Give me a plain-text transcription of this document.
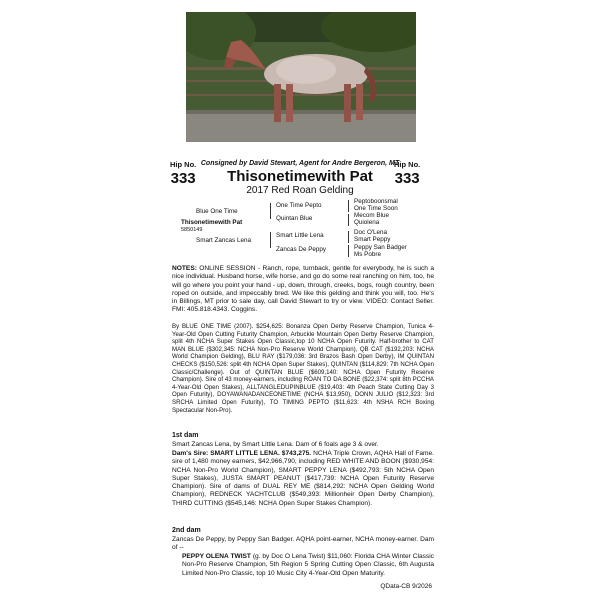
Hip No.
333
Hip No.
333
Consigned by David Stewart, Agent for Andre Bergeron, MT
Thisonetimewith Pat
2017 Red Roan Gelding
Blue One Time
Thisonetimewith Pat
5850149
Smart Zancas Lena
One Time Pepto
Quintan Blue
Smart Little Lena
Zancas De Peppy
Peptoboonsmal
One Time Soon
Mecom Blue
Quiolena
Doc O'Lena
Smart Peppy
Peppy San Badger
Ms Pobre
NOTES: ONLINE SESSION - Ranch, rope, turnback, gentle for everybody, he is such a nice individual. Husband horse, wife horse, and go do some real ranching on him, too, he will go where you point your hand - up, down, through, creeks, bogs, rough country, been roped on outside, and impeccably bred. We like this gelding and think you will, too. He's in Billings, MT prior to sale day, call David Stewart to try or view. VIDEO: Contact Seller. FMI: 405.818.4343. Coggins.
By BLUE ONE TIME (2007). $254,625: Bonanza Open Derby Reserve Champion, Tunica 4-Year-Old Open Cutting Futurity Champion, Arbuckle Mountain Open Derby Reserve Champion, split 4th NCHA Super Stakes Open Classic,top 10 NCHA Open Futurity. Half-brother to CAT MAN BLUE ($302,345: NCHA Non-Pro Reserve World Champion), QB CAT ($192,203: NCHA World Champion Gelding), BLU RAY ($179,036: 3rd Brazos Bash Open Derby), IM QUINTAN CHECKS ($150,526: split 4th NCHA Open Super Stakes), QUINTAN ($114,829: 7th NCHA Open Classic/Challenge). Out of QUINTAN BLUE ($609,140: NCHA Open Futurity Reserve Champion). Sire of 43 money-earners, including ROAN TO DA BONE ($22,374: split 8th PCCHA 4-Year-Old Open Stakes), ALLTANGLEDUPINBLUE ($19,403: 4th Peach State Cutting Day 3 Open Futurity), DOYAWANADANCEONETIME (NCHA $13,950), DONN JULIO ($12,323: 3rd SRCHA Limited Open Futurity), TO TIMING PEPTO ($11,623: 4th NSHA RCH Boxing Spectacular Non-Pro).
1st dam
Smart Zancas Lena, by Smart Little Lena. Dam of 6 foals age 3 & over.
Dam's Sire: SMART LITTLE LENA. $743,275. NCHA Triple Crown, AQHA Hall of Fame. sire of 1,480 money earners, $42,966,790, including RED WHITE AND BOON ($930,954: NCHA Non-Pro World Champion), SMART PEPPY LENA ($492,793: 5th NCHA Open Super Stakes), JUSTA SMART PEANUT ($417,739: NCHA Open Futurity Reserve Champion). Sire of dams of DUAL REY ME ($814,292: NCHA Open Gelding World Champion), REDNECK YACHTCLUB ($549,393: Millionheir Open Derby Champion), THIRD CUTTING ($545,146: NCHA Open Super Stakes Champion).
2nd dam
Zancas De Peppy, by Peppy San Badger. AQHA point-earner, NCHA money-earner. Dam of --
PEPPY OLENA TWIST (g. by Doc O Lena Twist) $11,060: Florida CHA Winter Classic Non-Pro Reserve Champion, 5th Region 5 Spring Cutting Open Classic, 6th Augusta Limited Non-Pro Classic, top 10 Music City 4-Year-Old Open Maturity.
QData-CB 9/2026
